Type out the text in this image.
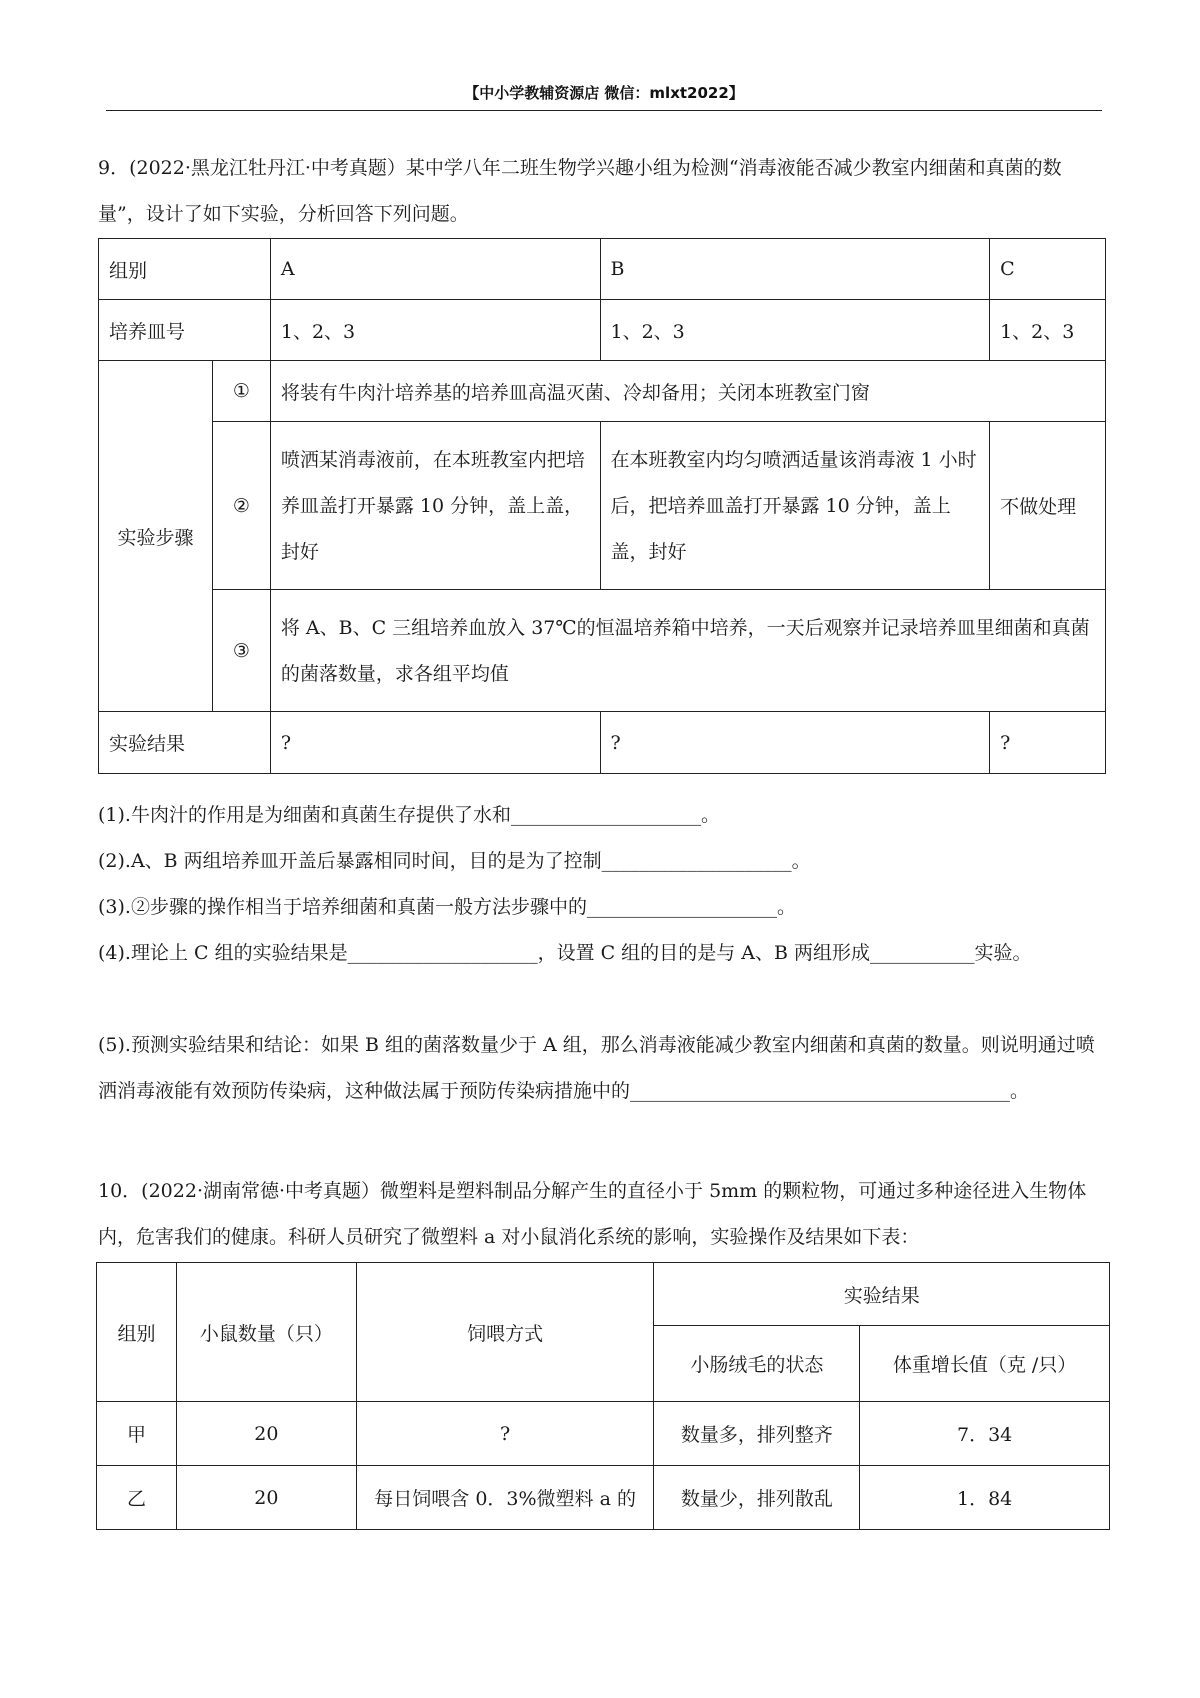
【中小学教辅资源店 微信：mlxt2022】

9．(2022·黑龙江牡丹江·中考真题）某中学八年二班生物学兴趣小组为检测“消毒液能否减少教室内细菌和真菌的数量”，设计了如下实验，分析回答下列问题。

组别		A	B	C
培养皿号		1、2、3	1、2、3	1、2、3
实验步骤	①	将装有牛肉汁培养基的培养皿高温灭菌、冷却备用；关闭本班教室门窗		
	②	喷洒某消毒液前，在本班教室内把培养皿盖打开暴露 10 分钟，盖上盖，封好	在本班教室内均匀喷洒适量该消毒液 1 小时后，把培养皿盖打开暴露 10 分钟，盖上盖，封好	不做处理
	③	将 A、B、C 三组培养血放入 37℃的恒温培养箱中培养，一天后观察并记录培养皿里细菌和真菌的菌落数量，求各组平均值		
实验结果		?	?	?

(1).牛肉汁的作用是为细菌和真菌生存提供了水和____________________。

(2).A、B 两组培养皿开盖后暴露相同时间，目的是为了控制____________________。

(3).②步骤的操作相当于培养细菌和真菌一般方法步骤中的____________________。

(4).理论上 C 组的实验结果是____________________，设置 C 组的目的是与 A、B 两组形成___________实验。

(5).预测实验结果和结论：如果 B 组的菌落数量少于 A 组，那么消毒液能减少教室内细菌和真菌的数量。则说明通过喷洒消毒液能有效预防传染病，这种做法属于预防传染病措施中的________________________________________。

10．(2022·湖南常德·中考真题）微塑料是塑料制品分解产生的直径小于 5mm 的颗粒物，可通过多种途径进入生物体内，危害我们的健康。科研人员研究了微塑料 a 对小鼠消化系统的影响，实验操作及结果如下表：

组别	小鼠数量（只）	饲喂方式	实验结果	
			小肠绒毛的状态	体重增长值（克 /只）
甲	20	?	数量多，排列整齐	7．34
乙	20	每日饲喂含 0．3%微塑料 a 的	数量少，排列散乱	1．84
